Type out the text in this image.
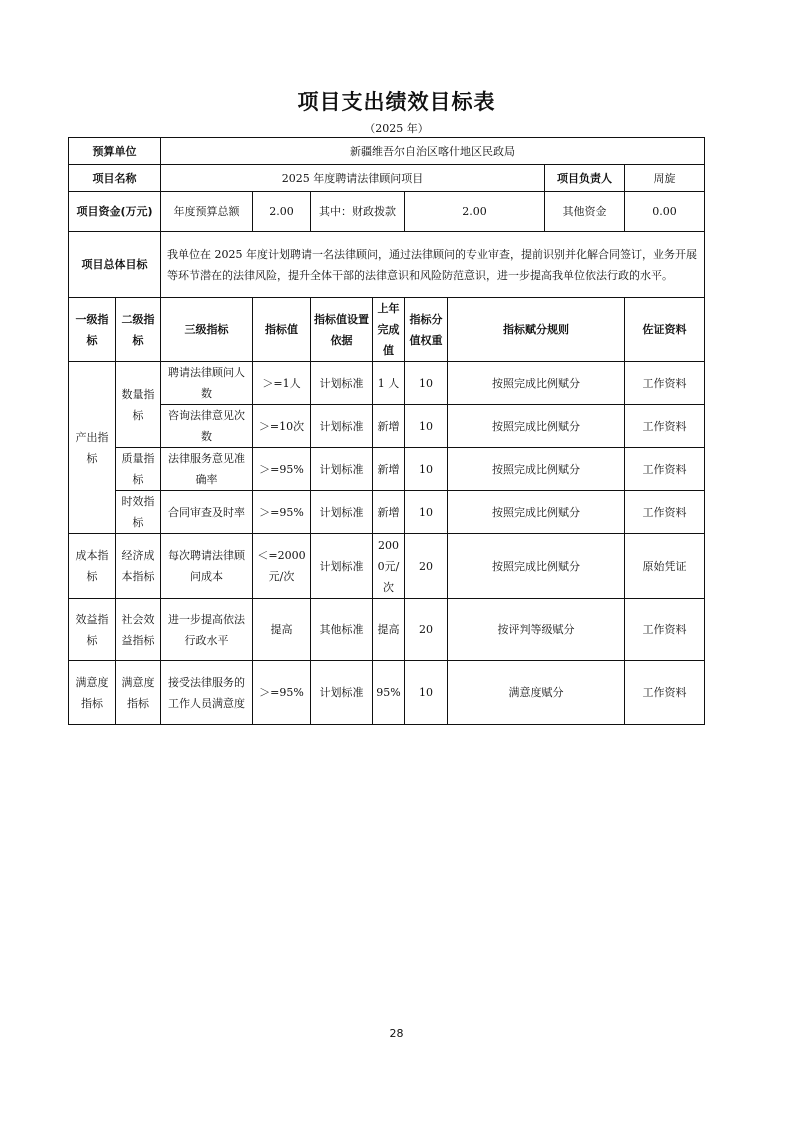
项目支出绩效目标表
（2025 年）
预算单位		新疆维吾尔自治区喀什地区民政局							
项目名称		2025 年度聘请法律顾问项目						项目负责人	周旋
项目资金(万元)		年度预算总额	2.00	其中：财政拨款		2.00		其他资金	0.00
项目总体目标		我单位在 2025 年度计划聘请一名法律顾问，通过法律顾问的专业审查，提前识别并化解合同签订，业务开展等环节潜在的法律风险，提升全体干部的法律意识和风险防范意识，进一步提高我单位依法行政的水平。							
一级指标	二级指标	三级指标	指标值	指标值设置依据	上年完成值	指标分值权重	指标赋分规则		佐证资料
产出指标	数量指标	聘请法律顾问人数	＞=1人	计划标准	1 人	10	按照完成比例赋分		工作资料
		咨询法律意见次数	＞=10次	计划标准	新增	10	按照完成比例赋分		工作资料
	质量指标	法律服务意见准确率	＞=95%	计划标准	新增	10	按照完成比例赋分		工作资料
	时效指标	合同审查及时率	＞=95%	计划标准	新增	10	按照完成比例赋分		工作资料
成本指标	经济成本指标	每次聘请法律顾问成本	＜=2000元/次	计划标准	2000元/次	20	按照完成比例赋分		原始凭证
效益指标	社会效益指标	进一步提高依法行政水平	提高	其他标准	提高	20	按评判等级赋分		工作资料
满意度指标	满意度指标	接受法律服务的工作人员满意度	＞=95%	计划标准	95%	10	满意度赋分		工作资料
28
